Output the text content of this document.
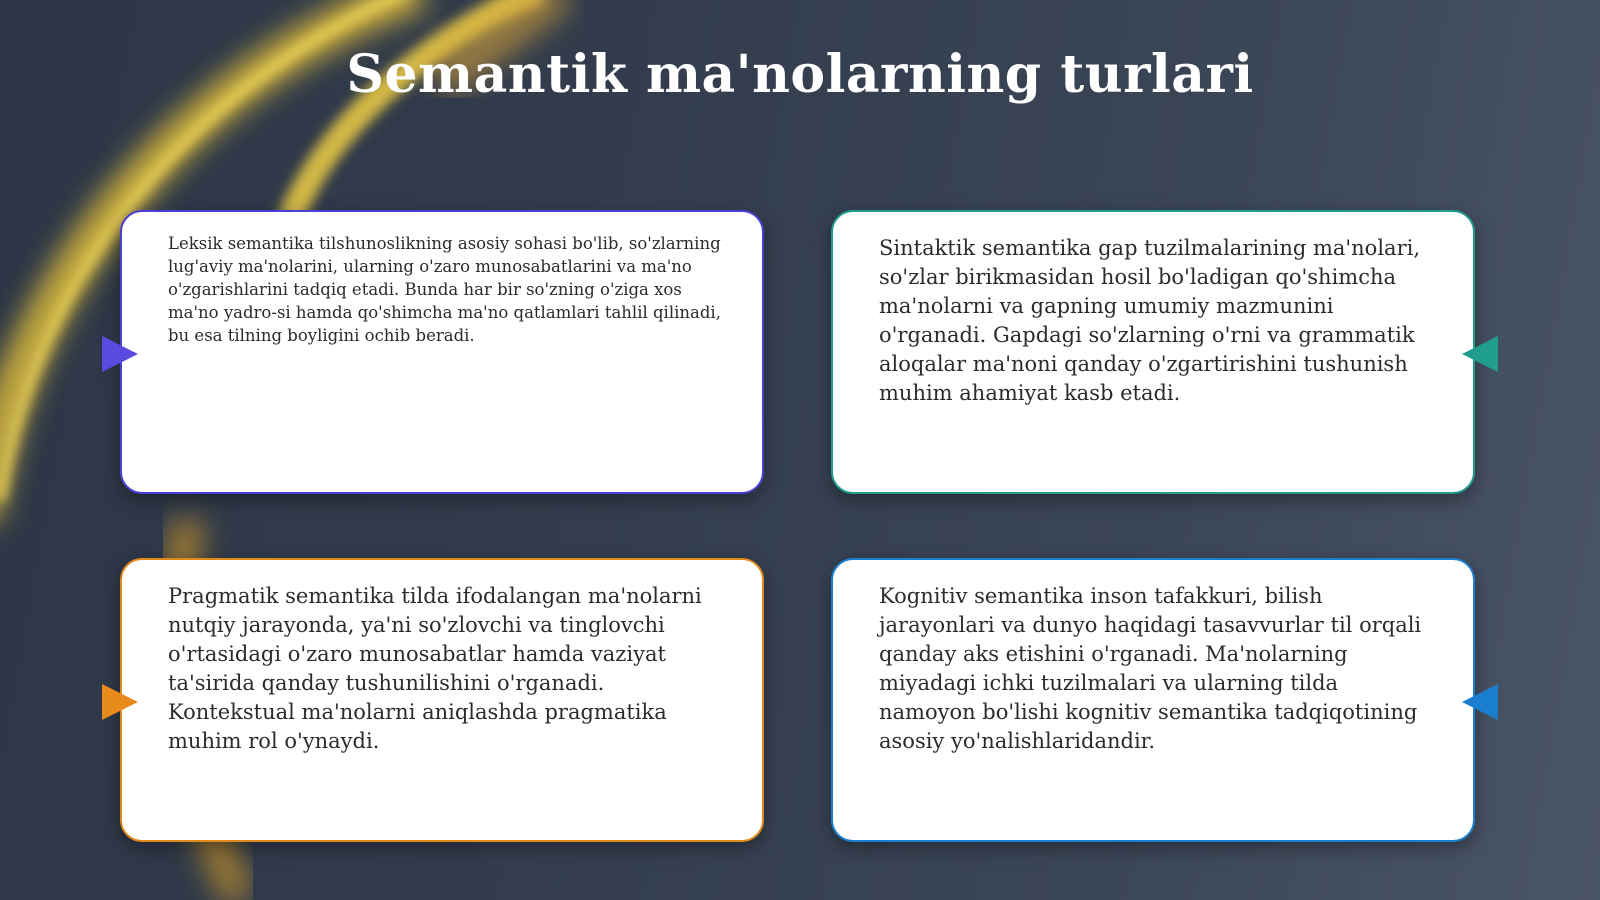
Semantik ma'nolarning turlari
Leksik semantika tilshunoslikning asosiy sohasi bo'lib, so'zlarning lug'aviy ma'nolarini, ularning o'zaro munosabatlarini va ma'no o'zgarishlarini tadqiq etadi. Bunda har bir so'zning o'ziga xos ma'no yadro-si hamda qo'shimcha ma'no qatlamlari tahlil qilinadi, bu esa tilning boyligini ochib beradi.
Sintaktik semantika gap tuzilmalarining ma'nolari, so'zlar birikmasidan hosil bo'ladigan qo'shimcha ma'nolarni va gapning umumiy mazmunini o'rganadi. Gapdagi so'zlarning o'rni va grammatik aloqalar ma'noni qanday o'zgartirishini tushunish muhim ahamiyat kasb etadi.
Pragmatik semantika tilda ifodalangan ma'nolarni nutqiy jarayonda, ya'ni so'zlovchi va tinglovchi o'rtasidagi o'zaro munosabatlar hamda vaziyat ta'sirida qanday tushunilishini o'rganadi. Kontekstual ma'nolarni aniqlashda pragmatika muhim rol o'ynaydi.
Kognitiv semantika inson tafakkuri, bilish jarayonlari va dunyo haqidagi tasavvurlar til orqali qanday aks etishini o'rganadi. Ma'nolarning miyadagi ichki tuzilmalari va ularning tilda namoyon bo'lishi kognitiv semantika tadqiqotining asosiy yo'nalishlaridandir.
